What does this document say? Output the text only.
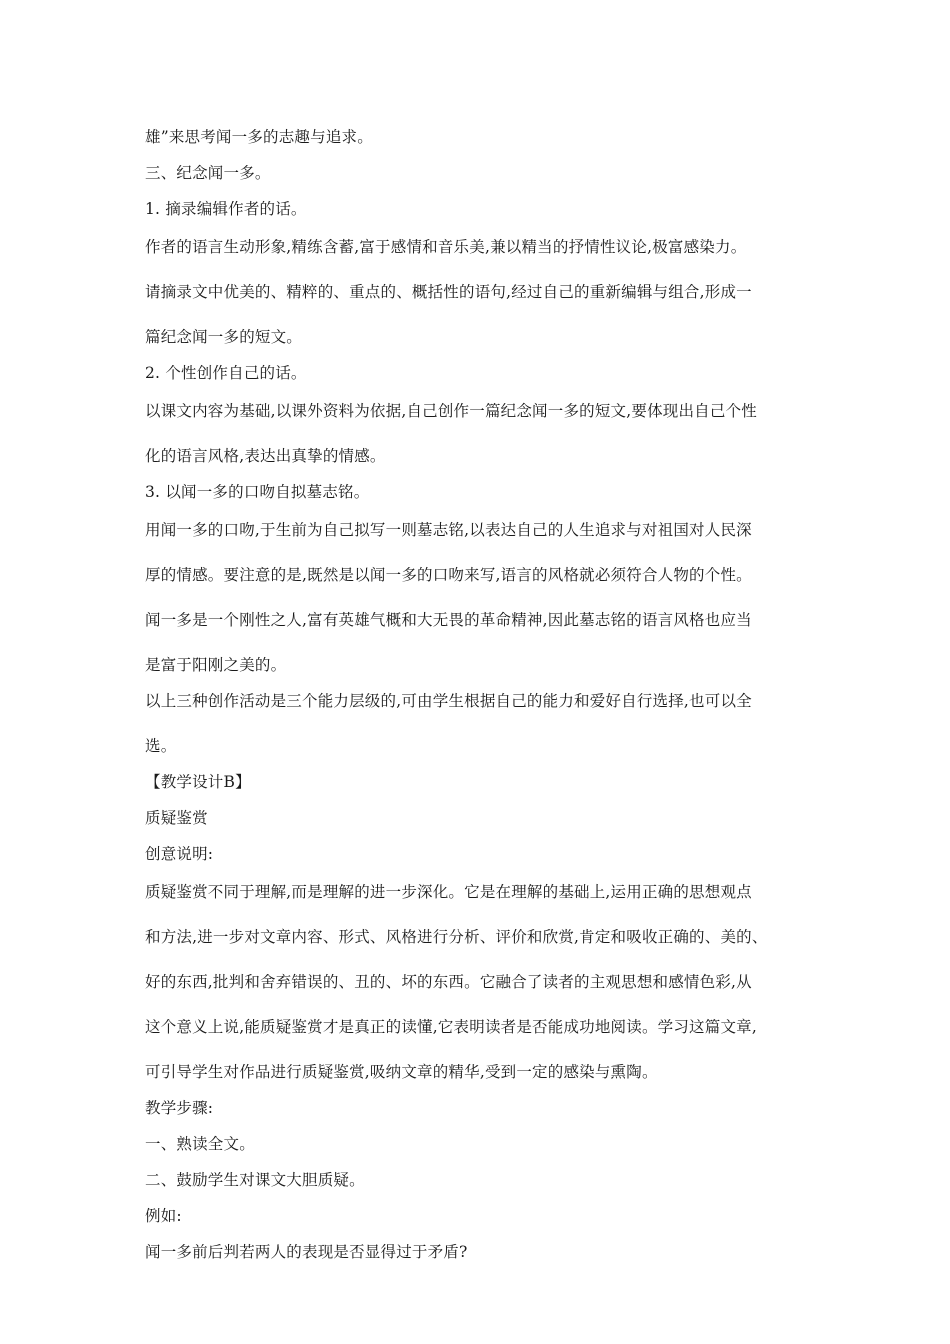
雄”来思考闻一多的志趣与追求。

三、纪念闻一多。

1. 摘录编辑作者的话。

作者的语言生动形象,精练含蓄,富于感情和音乐美,兼以精当的抒情性议论,极富感染力。

请摘录文中优美的、精粹的、重点的、概括性的语句,经过自己的重新编辑与组合,形成一

篇纪念闻一多的短文。

2. 个性创作自己的话。

以课文内容为基础,以课外资料为依据,自己创作一篇纪念闻一多的短文,要体现出自己个性

化的语言风格,表达出真挚的情感。

3. 以闻一多的口吻自拟墓志铭。

用闻一多的口吻,于生前为自己拟写一则墓志铭,以表达自己的人生追求与对祖国对人民深

厚的情感。要注意的是,既然是以闻一多的口吻来写,语言的风格就必须符合人物的个性。

闻一多是一个刚性之人,富有英雄气概和大无畏的革命精神,因此墓志铭的语言风格也应当

是富于阳刚之美的。

以上三种创作活动是三个能力层级的,可由学生根据自己的能力和爱好自行选择,也可以全

选。

【教学设计B】

质疑鉴赏

创意说明:

质疑鉴赏不同于理解,而是理解的进一步深化。它是在理解的基础上,运用正确的思想观点

和方法,进一步对文章内容、形式、风格进行分析、评价和欣赏,肯定和吸收正确的、美的、

好的东西,批判和舍弃错误的、丑的、坏的东西。它融合了读者的主观思想和感情色彩,从

这个意义上说,能质疑鉴赏才是真正的读懂,它表明读者是否能成功地阅读。学习这篇文章,

可引导学生对作品进行质疑鉴赏,吸纳文章的精华,受到一定的感染与熏陶。

教学步骤:

一、熟读全文。

二、鼓励学生对课文大胆质疑。

例如:

闻一多前后判若两人的表现是否显得过于矛盾?
